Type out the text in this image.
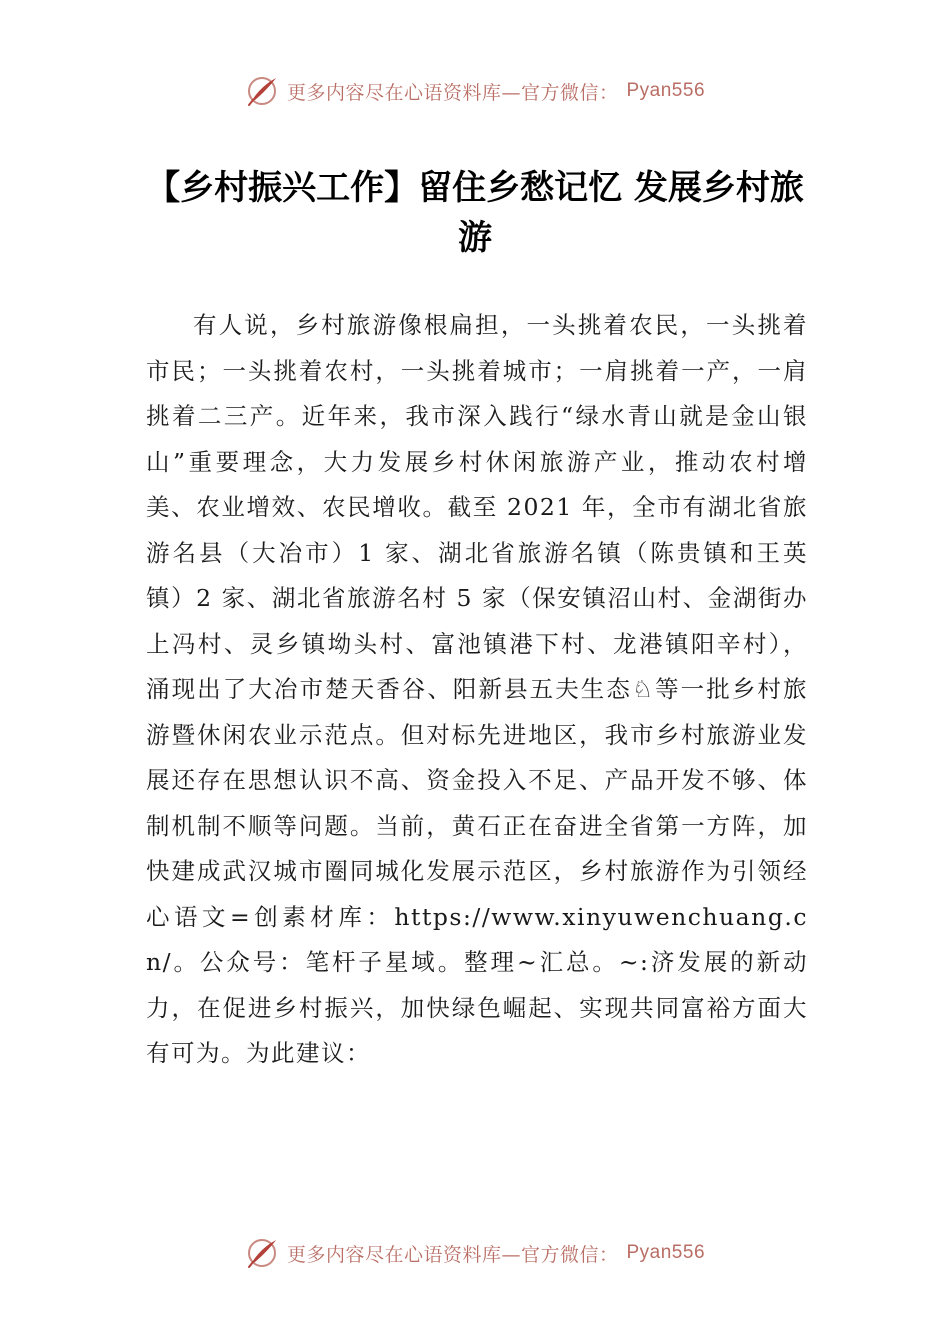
更多内容尽在心语资料库—官方微信： Pyan556
【乡村振兴工作】留住乡愁记忆 发展乡村旅游

有人说，乡村旅游像根扁担，一头挑着农民，一头挑着市民；一头挑着农村，一头挑着城市；一肩挑着一产，一肩挑着二三产。近年来，我市深入践行“绿水青山就是金山银山”重要理念，大力发展乡村休闲旅游产业，推动农村增美、农业增效、农民增收。截至 2021 年，全市有湖北省旅游名县（大冶市）1 家、湖北省旅游名镇（陈贵镇和王英镇）2 家、湖北省旅游名村 5 家（保安镇沼山村、金湖街办上冯村、灵乡镇坳头村、富池镇港下村、龙港镇阳辛村），涌现出了大冶市楚天香谷、阳新县五夫生态♘等一批乡村旅游暨休闲农业示范点。但对标先进地区，我市乡村旅游业发展还存在思想认识不高、资金投入不足、产品开发不够、体制机制不顺等问题。当前，黄石正在奋进全省第一方阵，加快建成武汉城市圈同城化发展示范区，乡村旅游作为引领经心语文=创素材库：https://www.xinyuwenchuang.cn/。公众号：笔杆子星域。整理~汇总。~:济发展的新动力，在促进乡村振兴，加快绿色崛起、实现共同富裕方面大有可为。为此建议：

更多内容尽在心语资料库—官方微信： Pyan556
